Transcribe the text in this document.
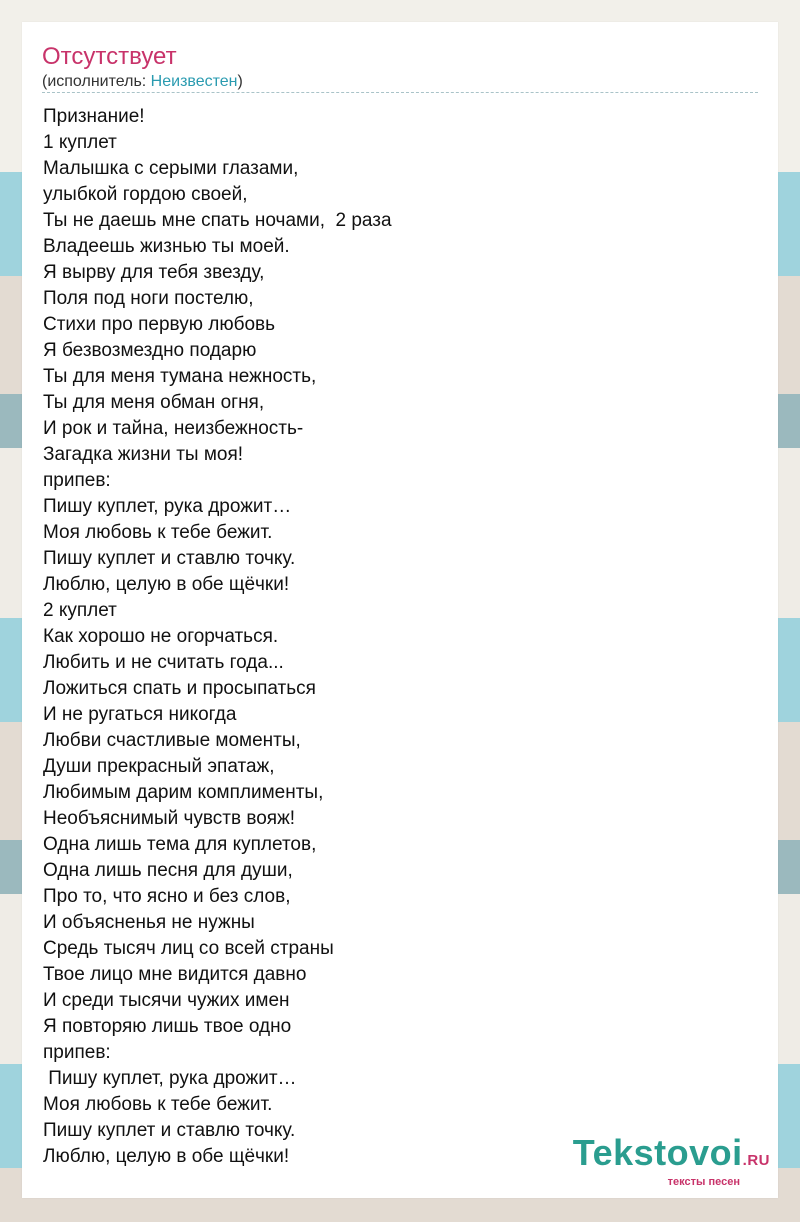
Отсутствует
(исполнитель: Неизвестен)
Признание!
1 куплет
Малышка с серыми глазами,
улыбкой гордою своей,
Ты не даешь мне спать ночами,  2 раза
Владеешь жизнью ты моей.
Я вырву для тебя звезду,
Поля под ноги постелю,
Стихи про первую любовь
Я безвозмездно подарю
Ты для меня тумана нежность,
Ты для меня обман огня,
И рок и тайна, неизбежность-
Загадка жизни ты моя!
припев:
Пишу куплет, рука дрожит…
Моя любовь к тебе бежит.
Пишу куплет и ставлю точку.
Люблю, целую в обе щёчки!
2 куплет
Как хорошо не огорчаться.
Любить и не считать года...
Ложиться спать и просыпаться
И не ругаться никогда
Любви счастливые моменты,
Души прекрасный эпатаж,
Любимым дарим комплименты,
Необъяснимый чувств вояж!
Одна лишь тема для куплетов,
Одна лишь песня для души,
Про то, что ясно и без слов,
И объясненья не нужны
Средь тысяч лиц со всей страны
Твое лицо мне видится давно
И среди тысячи чужих имен
Я повторяю лишь твое одно
припев:
Пишу куплет, рука дрожит…
Моя любовь к тебе бежит.
Пишу куплет и ставлю точку.
Люблю, целую в обе щёчки!	Tekstovoi.RU
тексты песен
